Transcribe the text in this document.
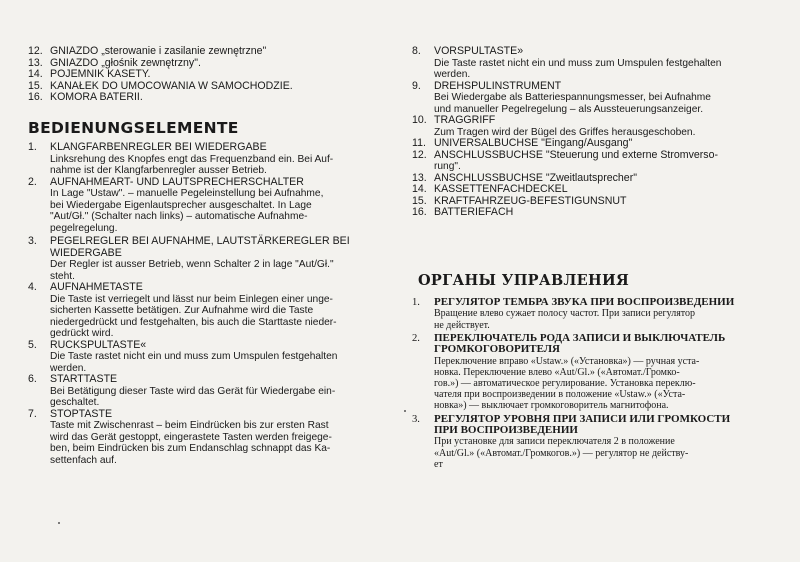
12. GNIAZDO „sterowanie i zasilanie zewnętrzne"
13. GNIAZDO „głośnik zewnętrzny".
14. POJEMNIK KASETY.
15. KANAŁEK DO UMOCOWANIA W SAMOCHODZIE.
16. KOMORA BATERII.
BEDIENUNGSELEMENTE
1. KLANGFARBENREGLER BEI WIEDERGABE
Linksrehung des Knopfes engt das Frequenzband ein. Bei Auf-
nahme ist der Klangfarbenregler ausser Betrieb.
2. AUFNAHMEART- UND LAUTSPRECHERSCHALTER
In Lage "Ustaw". – manuelle Pegeleinstellung bei Aufnahme,
bei Wiedergabe Eigenlautsprecher ausgeschaltet. In Lage
"Aut/Gł." (Schalter nach links) – automatische Aufnahme-
pegelregelung.
3. PEGELREGLER BEI AUFNAHME, LAUTSTÄRKEREGLER BEI
WIEDERGABE
Der Regler ist ausser Betrieb, wenn Schalter 2 in lage "Aut/Gł."
steht.
4. AUFNAHMETASTE
Die Taste ist verriegelt und lässt nur beim Einlegen einer unge-
sicherten Kassette betätigen. Zur Aufnahme wird die Taste
niedergedrückt und festgehalten, bis auch die Starttaste nieder-
gedrückt wird.
5. RUCKSPULTASTE«
Die Taste rastet nicht ein und muss zum Umspulen festgehalten
werden.
6. STARTTASTE
Bei Betätigung dieser Taste wird das Gerät für Wiedergabe ein-
geschaltet.
7. STOPTASTE
Taste mit Zwischenrast – beim Eindrücken bis zur ersten Rast
wird das Gerät gestoppt, eingerastete Tasten werden freigege-
ben, beim Eindrücken bis zum Endanschlag schnappt das Ka-
settenfach auf.
8. VORSPULTASTE»
Die Taste rastet nicht ein und muss zum Umspulen festgehalten
werden.
9. DREHSPULINSTRUMENT
Bei Wiedergabe als Batteriespannungsmesser, bei Aufnahme
und manueller Pegelregelung – als Aussteuerungsanzeiger.
10. TRAGGRIFF
Zum Tragen wird der Bügel des Griffes herausgeschoben.
11. UNIVERSALBUCHSE "Eingang/Ausgang"
12. ANSCHLUSSBUCHSE "Steuerung und externe Stromverso-
rung".
13. ANSCHLUSSBUCHSE "Zweitlautsprecher"
14. KASSETTENFACHDECKEL
15. KRAFTFAHRZEUG-BEFESTIGUNSNUT
16. BATTERIEFACH
ОРГАНЫ УПРАВЛЕНИЯ
1. РЕГУЛЯТОР ТЕМБРА ЗВУКА ПРИ ВОСПРОИЗВЕДЕНИИ
Вращение влево сужает полосу частот. При записи регулятор
не действует.
2. ПЕРЕКЛЮЧАТЕЛЬ РОДА ЗАПИСИ И ВЫКЛЮЧАТЕЛЬ
ГРОМКОГОВОРИТЕЛЯ
Переключение вправо «Ustaw.» («Установка») — ручная уста-
новка. Переключение влево «Aut/Gl.» («Автомат./Громко-
гов.») — автоматическое регулирование. Установка переклю-
чателя при воспроизведении в положение «Ustaw.» («Уста-
новка») — выключает громкоговоритель магнитофона.
3. РЕГУЛЯТОР УРОВНЯ ПРИ ЗАПИСИ ИЛИ ГРОМКОСТИ
ПРИ ВОСПРОИЗВЕДЕНИИ
При установке для записи переключателя 2 в положение
«Aut/Gl.» («Автомат./Громкогов.») — регулятор не действу-
ет
